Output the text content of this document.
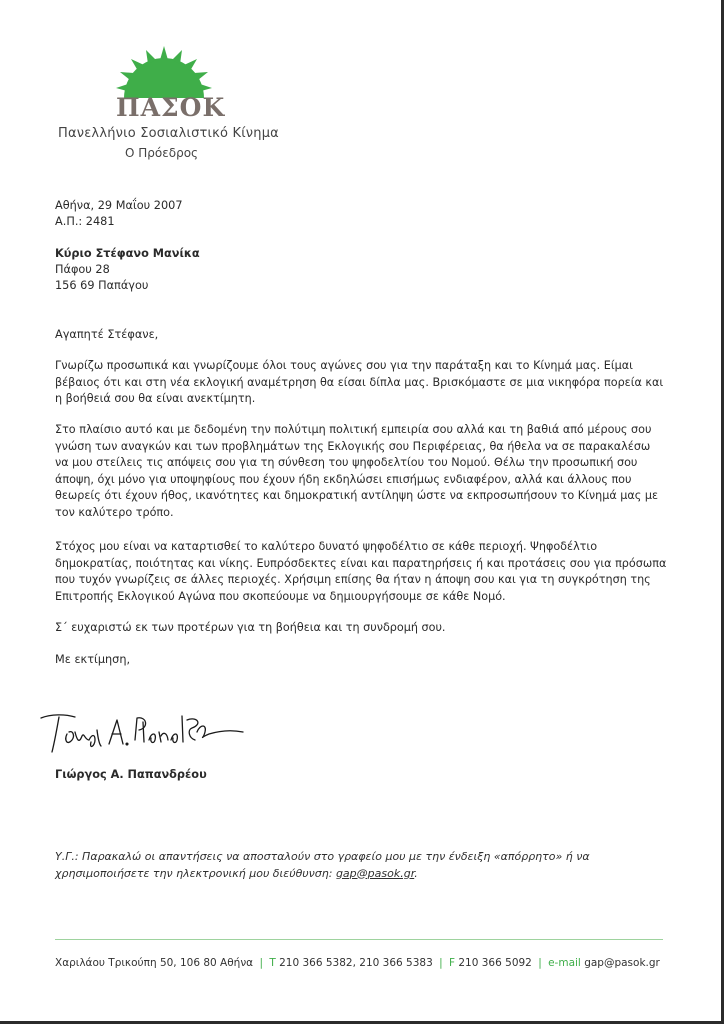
ΠΑΣΟΚ
Πανελλήνιο Σοσιαλιστικό Κίνημα
Ο Πρόεδρος
Αθήνα, 29 Μαΐου 2007
Α.Π.: 2481
Κύριο Στέφανο Μανίκα
Πάφου 28
156 69 Παπάγου
Αγαπητέ Στέφανε,
Γνωρίζω προσωπικά και γνωρίζουμε όλοι τους αγώνες σου για την παράταξη και το Κίνημά μας. Είμαι
βέβαιος ότι και στη νέα εκλογική αναμέτρηση θα είσαι δίπλα μας. Βρισκόμαστε σε μια νικηφόρα πορεία και
η βοήθειά σου θα είναι ανεκτίμητη.
Στο πλαίσιο αυτό και με δεδομένη την πολύτιμη πολιτική εμπειρία σου αλλά και τη βαθιά από μέρους σου
γνώση των αναγκών και των προβλημάτων της Εκλογικής σου Περιφέρειας, θα ήθελα να σε παρακαλέσω
να μου στείλεις τις απόψεις σου για τη σύνθεση του ψηφοδελτίου του Νομού. Θέλω την προσωπική σου
άποψη, όχι μόνο για υποψηφίους που έχουν ήδη εκδηλώσει επισήμως ενδιαφέρον, αλλά και άλλους που
θεωρείς ότι έχουν ήθος, ικανότητες και δημοκρατική αντίληψη ώστε να εκπροσωπήσουν το Κίνημά μας με
τον καλύτερο τρόπο.
Στόχος μου είναι να καταρτισθεί το καλύτερο δυνατό ψηφοδέλτιο σε κάθε περιοχή. Ψηφοδέλτιο
δημοκρατίας, ποιότητας και νίκης. Ευπρόσδεκτες είναι και παρατηρήσεις ή και προτάσεις σου για πρόσωπα
που τυχόν γνωρίζεις σε άλλες περιοχές. Χρήσιμη επίσης θα ήταν η άποψη σου και για τη συγκρότηση της
Επιτροπής Εκλογικού Αγώνα που σκοπεύουμε να δημιουργήσουμε σε κάθε Νομό.
Σ΄ ευχαριστώ εκ των προτέρων για τη βοήθεια και τη συνδρομή σου.
Με εκτίμηση,
Γιώργος Α. Παπανδρέου
Υ.Γ.: Παρακαλώ οι απαντήσεις να αποσταλούν στο γραφείο μου με την ένδειξη «απόρρητο» ή να
χρησιμοποιήσετε την ηλεκτρονική μου διεύθυνση: gap@pasok.gr.
Χαριλάου Τρικούπη 50, 106 80 Αθήνα | T 210 366 5382, 210 366 5383 | F 210 366 5092 | e-mail gap@pasok.gr
